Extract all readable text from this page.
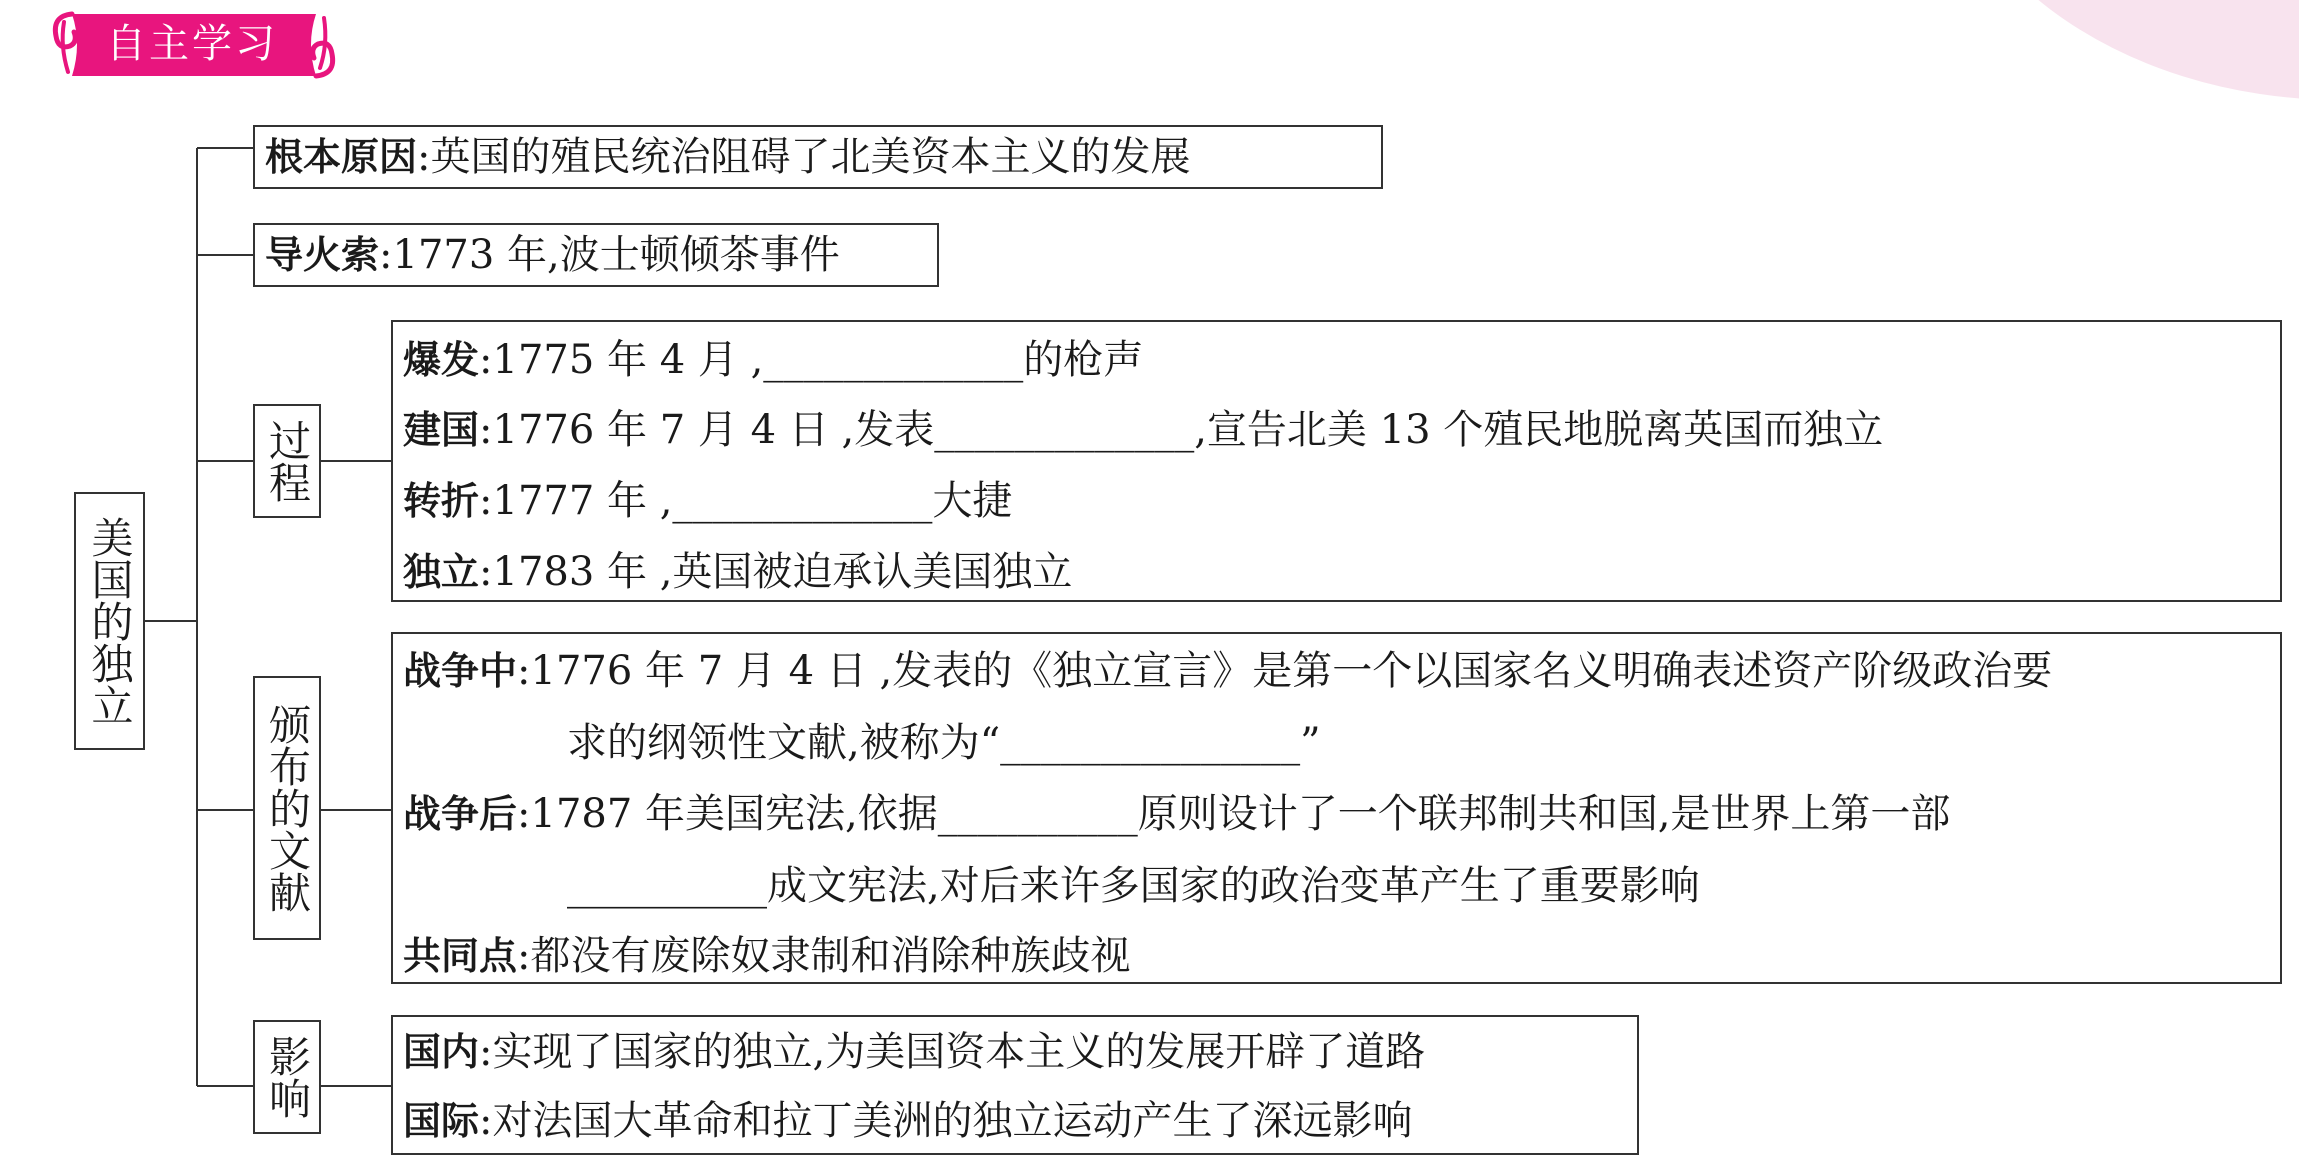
自主学习
美国的独立
根本原因:英国的殖民统治阻碍了北美资本主义的发展
导火索:1773 年,波士顿倾茶事件
过程
爆发:1775 年 4 月 ,_____________的枪声
建国:1776 年 7 月 4 日 ,发表_____________,宣告北美 13 个殖民地脱离英国而独立
转折:1777 年 ,_____________大捷
独立:1783 年 ,英国被迫承认美国独立
颁布的文献
战争中:1776 年 7 月 4 日 ,发表的《独立宣言》是第一个以国家名义明确表述资产阶级政治要
求的纲领性文献,被称为“_______________”
战争后:1787 年美国宪法,依据__________原则设计了一个联邦制共和国,是世界上第一部
__________成文宪法,对后来许多国家的政治变革产生了重要影响
共同点:都没有废除奴隶制和消除种族歧视
影响 国内:实现了国家的独立,为美国资本主义的发展开辟了道路
国际:对法国大革命和拉丁美洲的独立运动产生了深远影响
